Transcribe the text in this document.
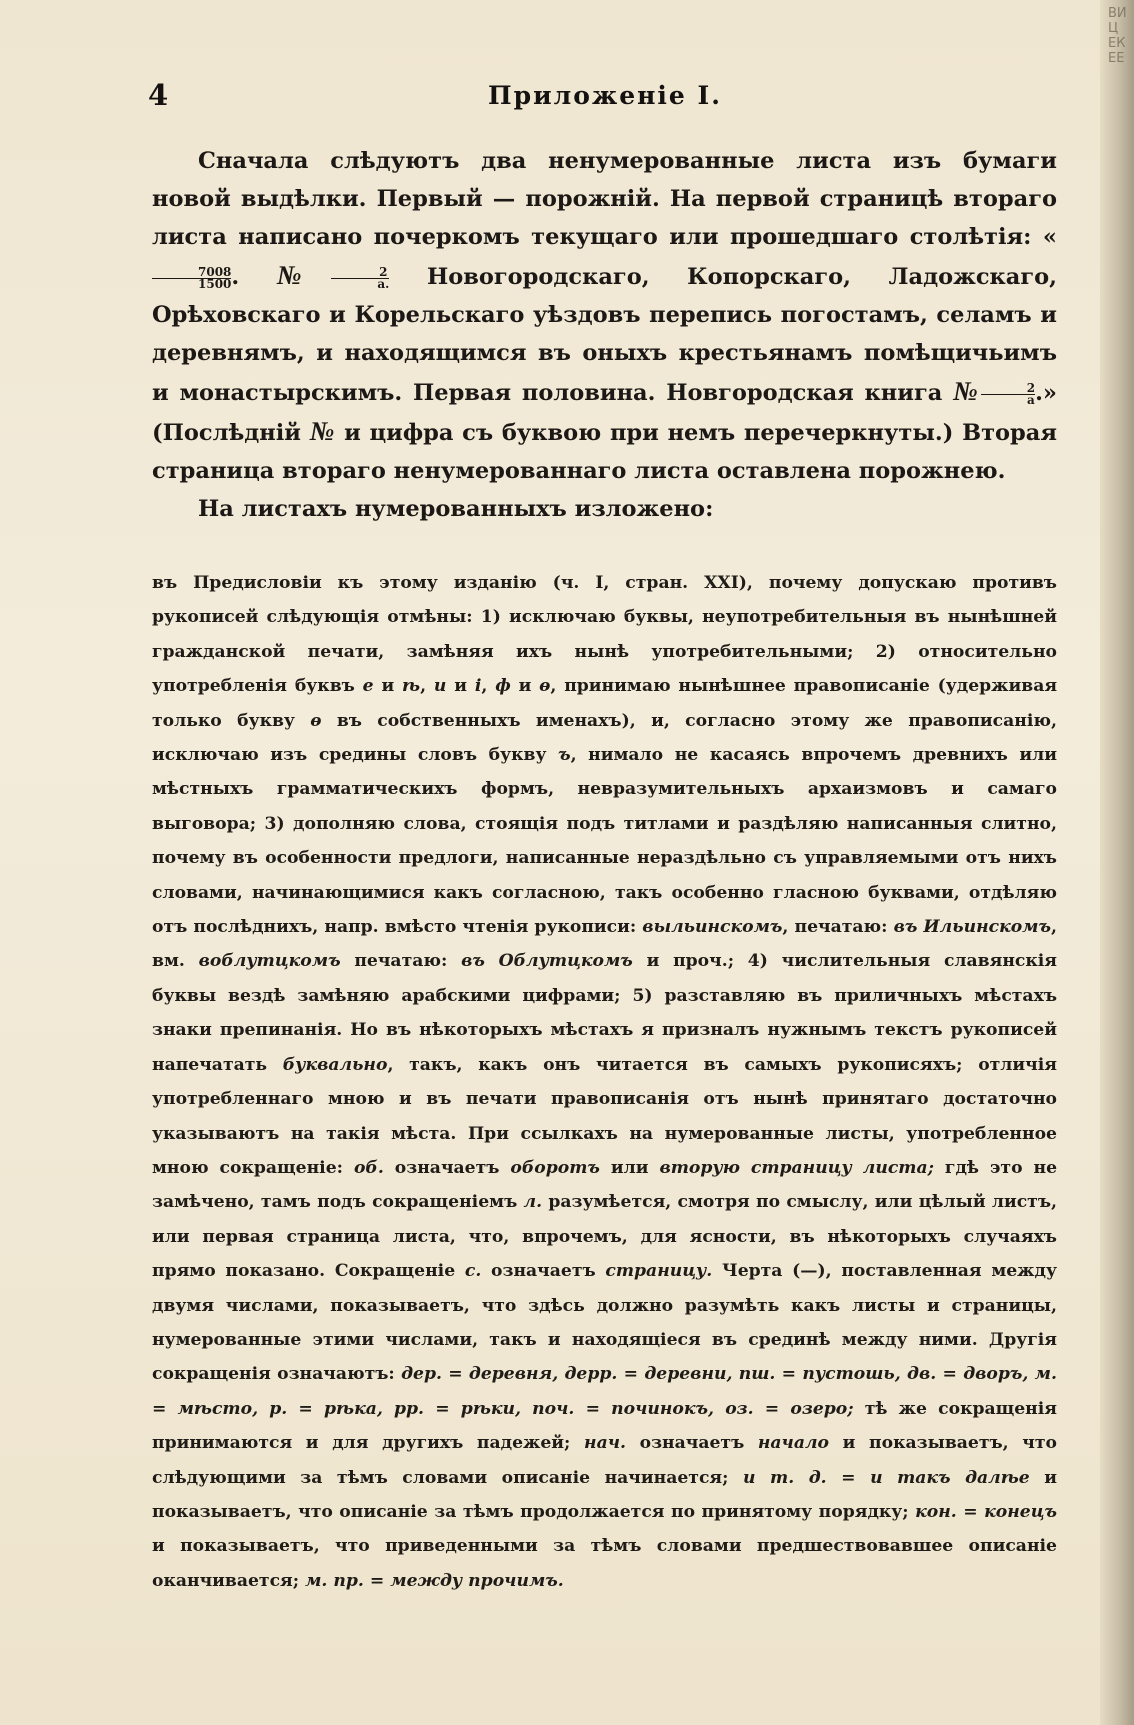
ВИЦ ЕКЕЕ
4	Приложеніе I.

Сначала слѣдуютъ два ненумерованные листа изъ бумаги новой выдѣлки. Первый — порожній. На первой страницѣ втораго листа написано почеркомъ текущаго или прошедшаго столѣтія: «
$\frac{7008}{1500}$ . №	2
а. Новогородскаго, Копорскаго, Ладожскаго, Орѣховскаго и Корельскаго уѣздовъ перепись погостамъ, селамъ и деревнямъ, и находящимся въ оныхъ крестьянамъ помѣщичьимъ и монастырскимъ. Первая половина. Новгородская книга №	2
а .» (Послѣдній № и цифра съ буквою при немъ перечеркнуты.) Вторая страница втораго ненумерованнаго листа оставлена порожнею.

На листахъ нумерованныхъ изложено:

въ Предисловіи къ этому изданію (ч. I, стран. XXI), почему допускаю противъ рукописей слѣдующія отмѣны: 1) исключаю буквы, неупотребительныя въ нынѣшней гражданской печати, замѣняя ихъ нынѣ употребительными; 2) относительно употребленія буквъ е и ѣ, и и і, ф и ѳ, принимаю нынѣшнее правописаніе (удерживая только букву ѳ въ собственныхъ именахъ), и, согласно этому же правописанію, исключаю изъ средины словъ букву ъ, нимало не касаясь впрочемъ древнихъ или мѣстныхъ грамматическихъ формъ, невразумительныхъ архаизмовъ и самаго выговора; 3) дополняю слова, стоящія подъ титлами и раздѣляю написанныя слитно, почему въ особенности предлоги, написанные нераздѣльно съ управляемыми отъ нихъ словами, начинающимися какъ согласною, такъ особенно гласною буквами, отдѣляю отъ послѣднихъ, напр. вмѣсто чтенія рукописи: выльинскомъ, печатаю: въ Ильинскомъ, вм. воблутцкомъ печатаю: въ Облутцкомъ и проч.; 4) числительныя славянскія буквы вездѣ замѣняю арабскими цифрами; 5) разставляю въ приличныхъ мѣстахъ знаки препинанія. Но въ нѣкоторыхъ мѣстахъ я призналъ нужнымъ текстъ рукописей напечатать буквально, такъ, какъ онъ читается въ самыхъ рукописяхъ; отличія употребленнаго мною и въ печати правописанія отъ нынѣ принятаго достаточно указываютъ на такія мѣста. При ссылкахъ на нумерованные листы, употребленное мною сокращеніе: об. означаетъ оборотъ или вторую страницу листа; гдѣ это не замѣчено, тамъ подъ сокращеніемъ л. разумѣется, смотря по смыслу, или цѣлый листъ, или первая страница листа, что, впрочемъ, для ясности, въ нѣкоторыхъ случаяхъ прямо показано. Сокращеніе с. означаетъ страницу. Черта (—), поставленная между двумя числами, показываетъ, что здѣсь должно разумѣть какъ листы и страницы, нумерованные этими числами, такъ и находящіеся въ срединѣ между ними. Другія сокращенія означаютъ: дер. = деревня, дерр. = деревни, пш. = пустошь, дв. = дворъ, м. = мѣсто, р. = рѣка, рр. = рѣки, поч. = починокъ, оз. = озеро; тѣ же сокращенія принимаются и для другихъ падежей; нач. означаетъ начало и показываетъ, что слѣдующими за тѣмъ словами описаніе начинается; и т. д. = и такъ далѣе и показываетъ, что описаніе за тѣмъ продолжается по принятому порядку; кон. = конецъ и показываетъ, что приведенными за тѣмъ словами предшествовавшее описаніе оканчивается; м. пр. = между прочимъ.
